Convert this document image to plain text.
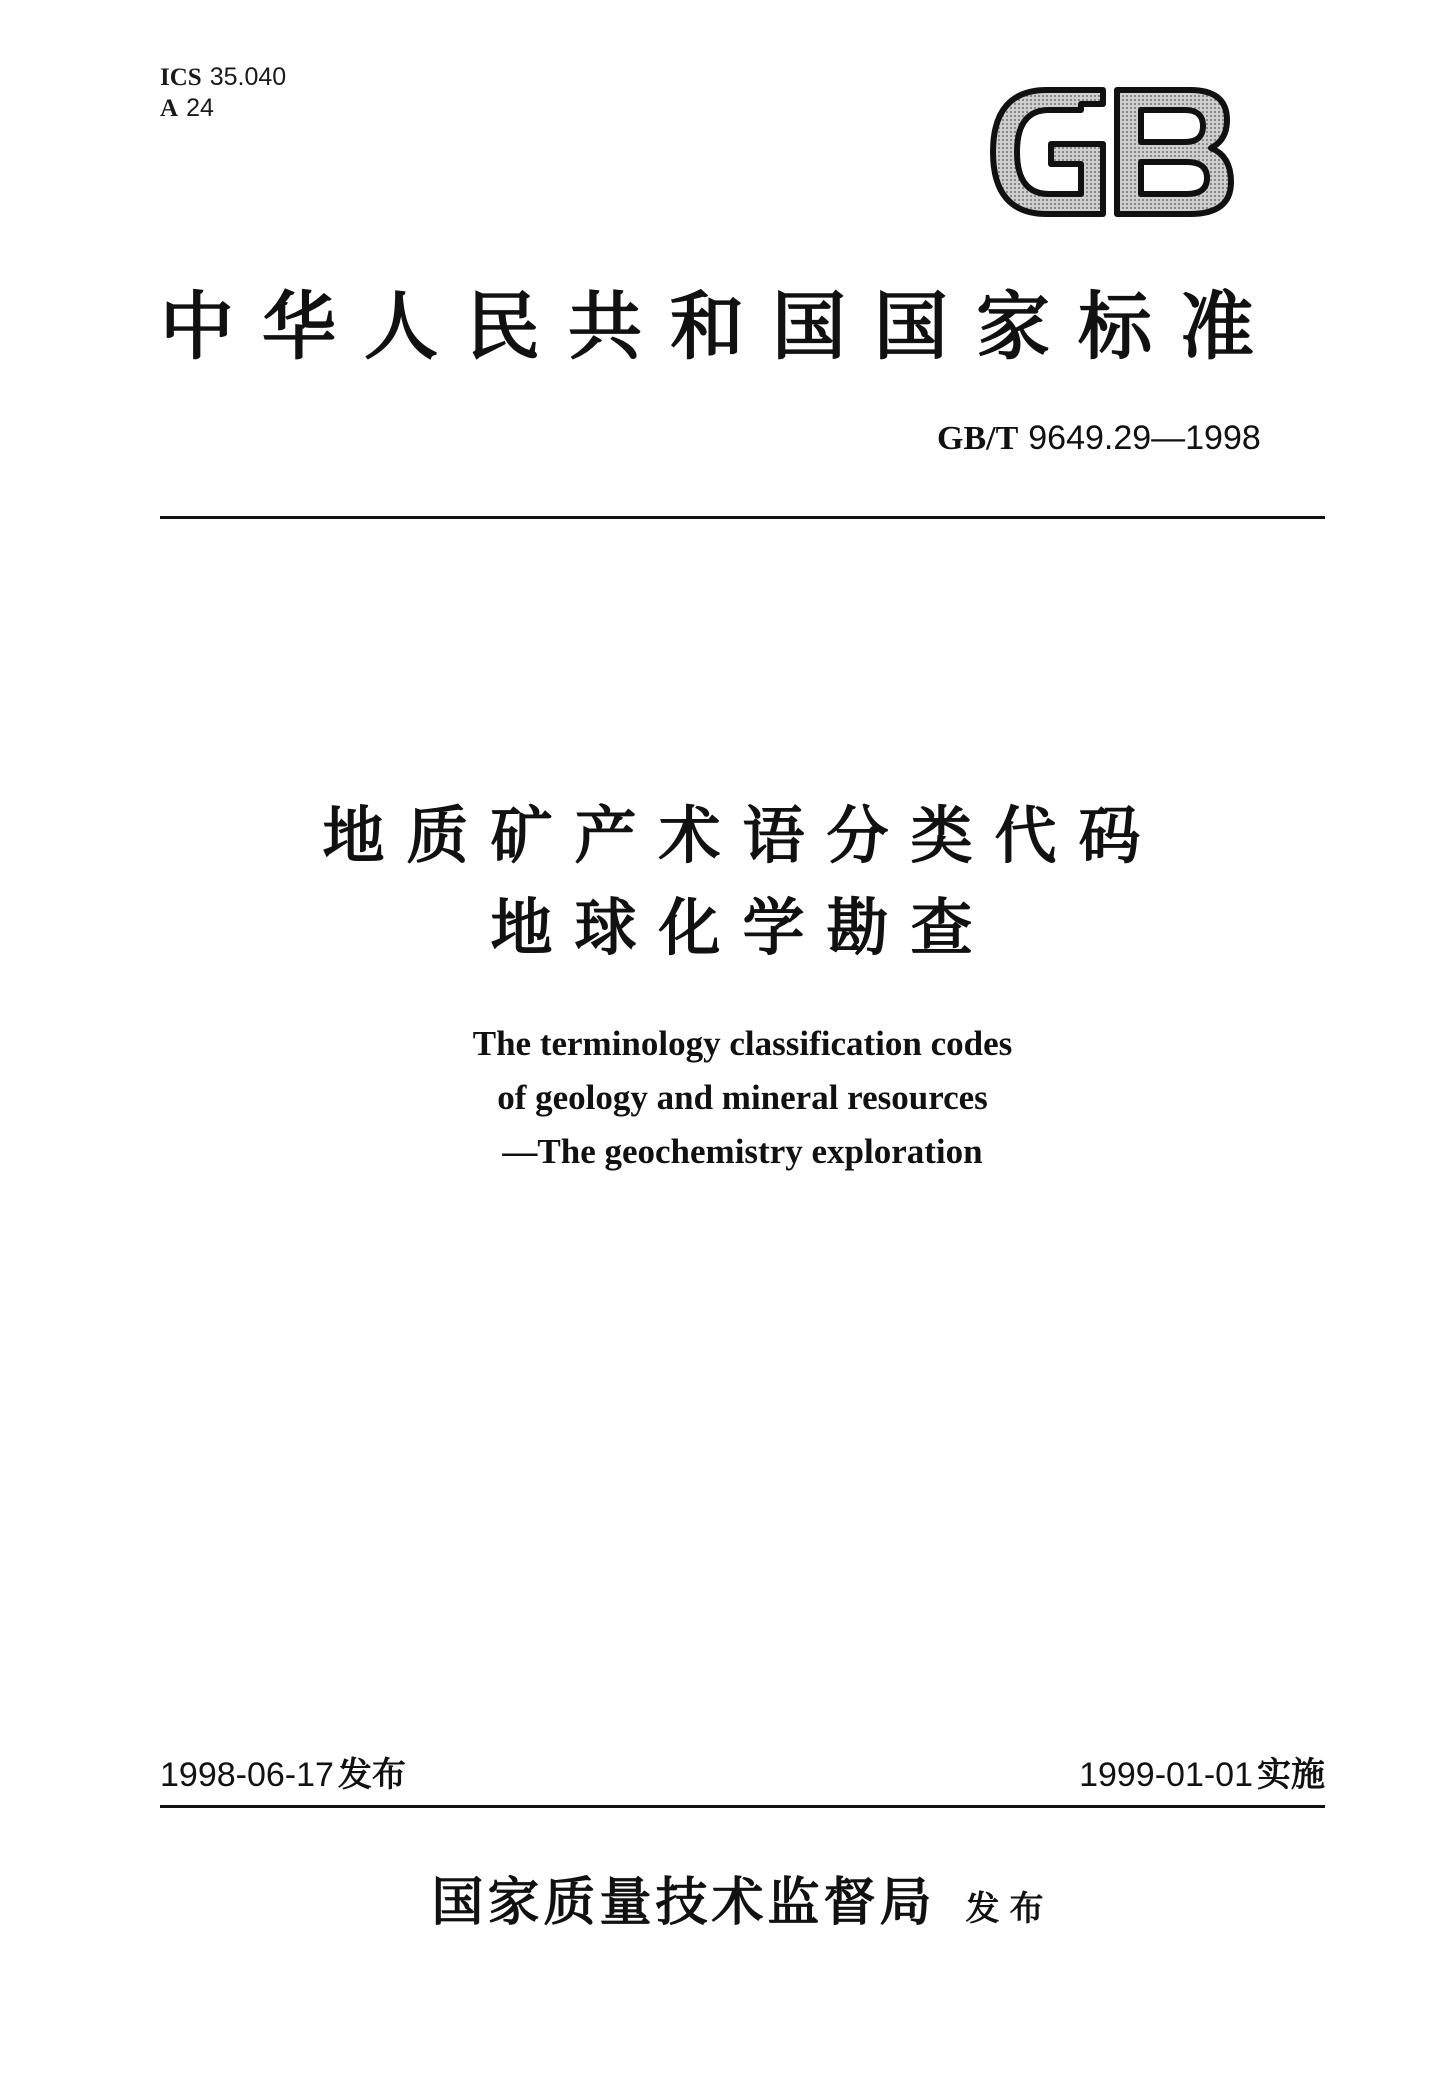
ICS 35.040
A 24
中华人民共和国国家标准
GB/T 9649.29—1998
地质矿产术语分类代码
地球化学勘查
The terminology classification codes
of geology and mineral resources
—The geochemistry exploration
1998-06-17 发布	1999-01-01 实施
国家质量技术监督局 发布
